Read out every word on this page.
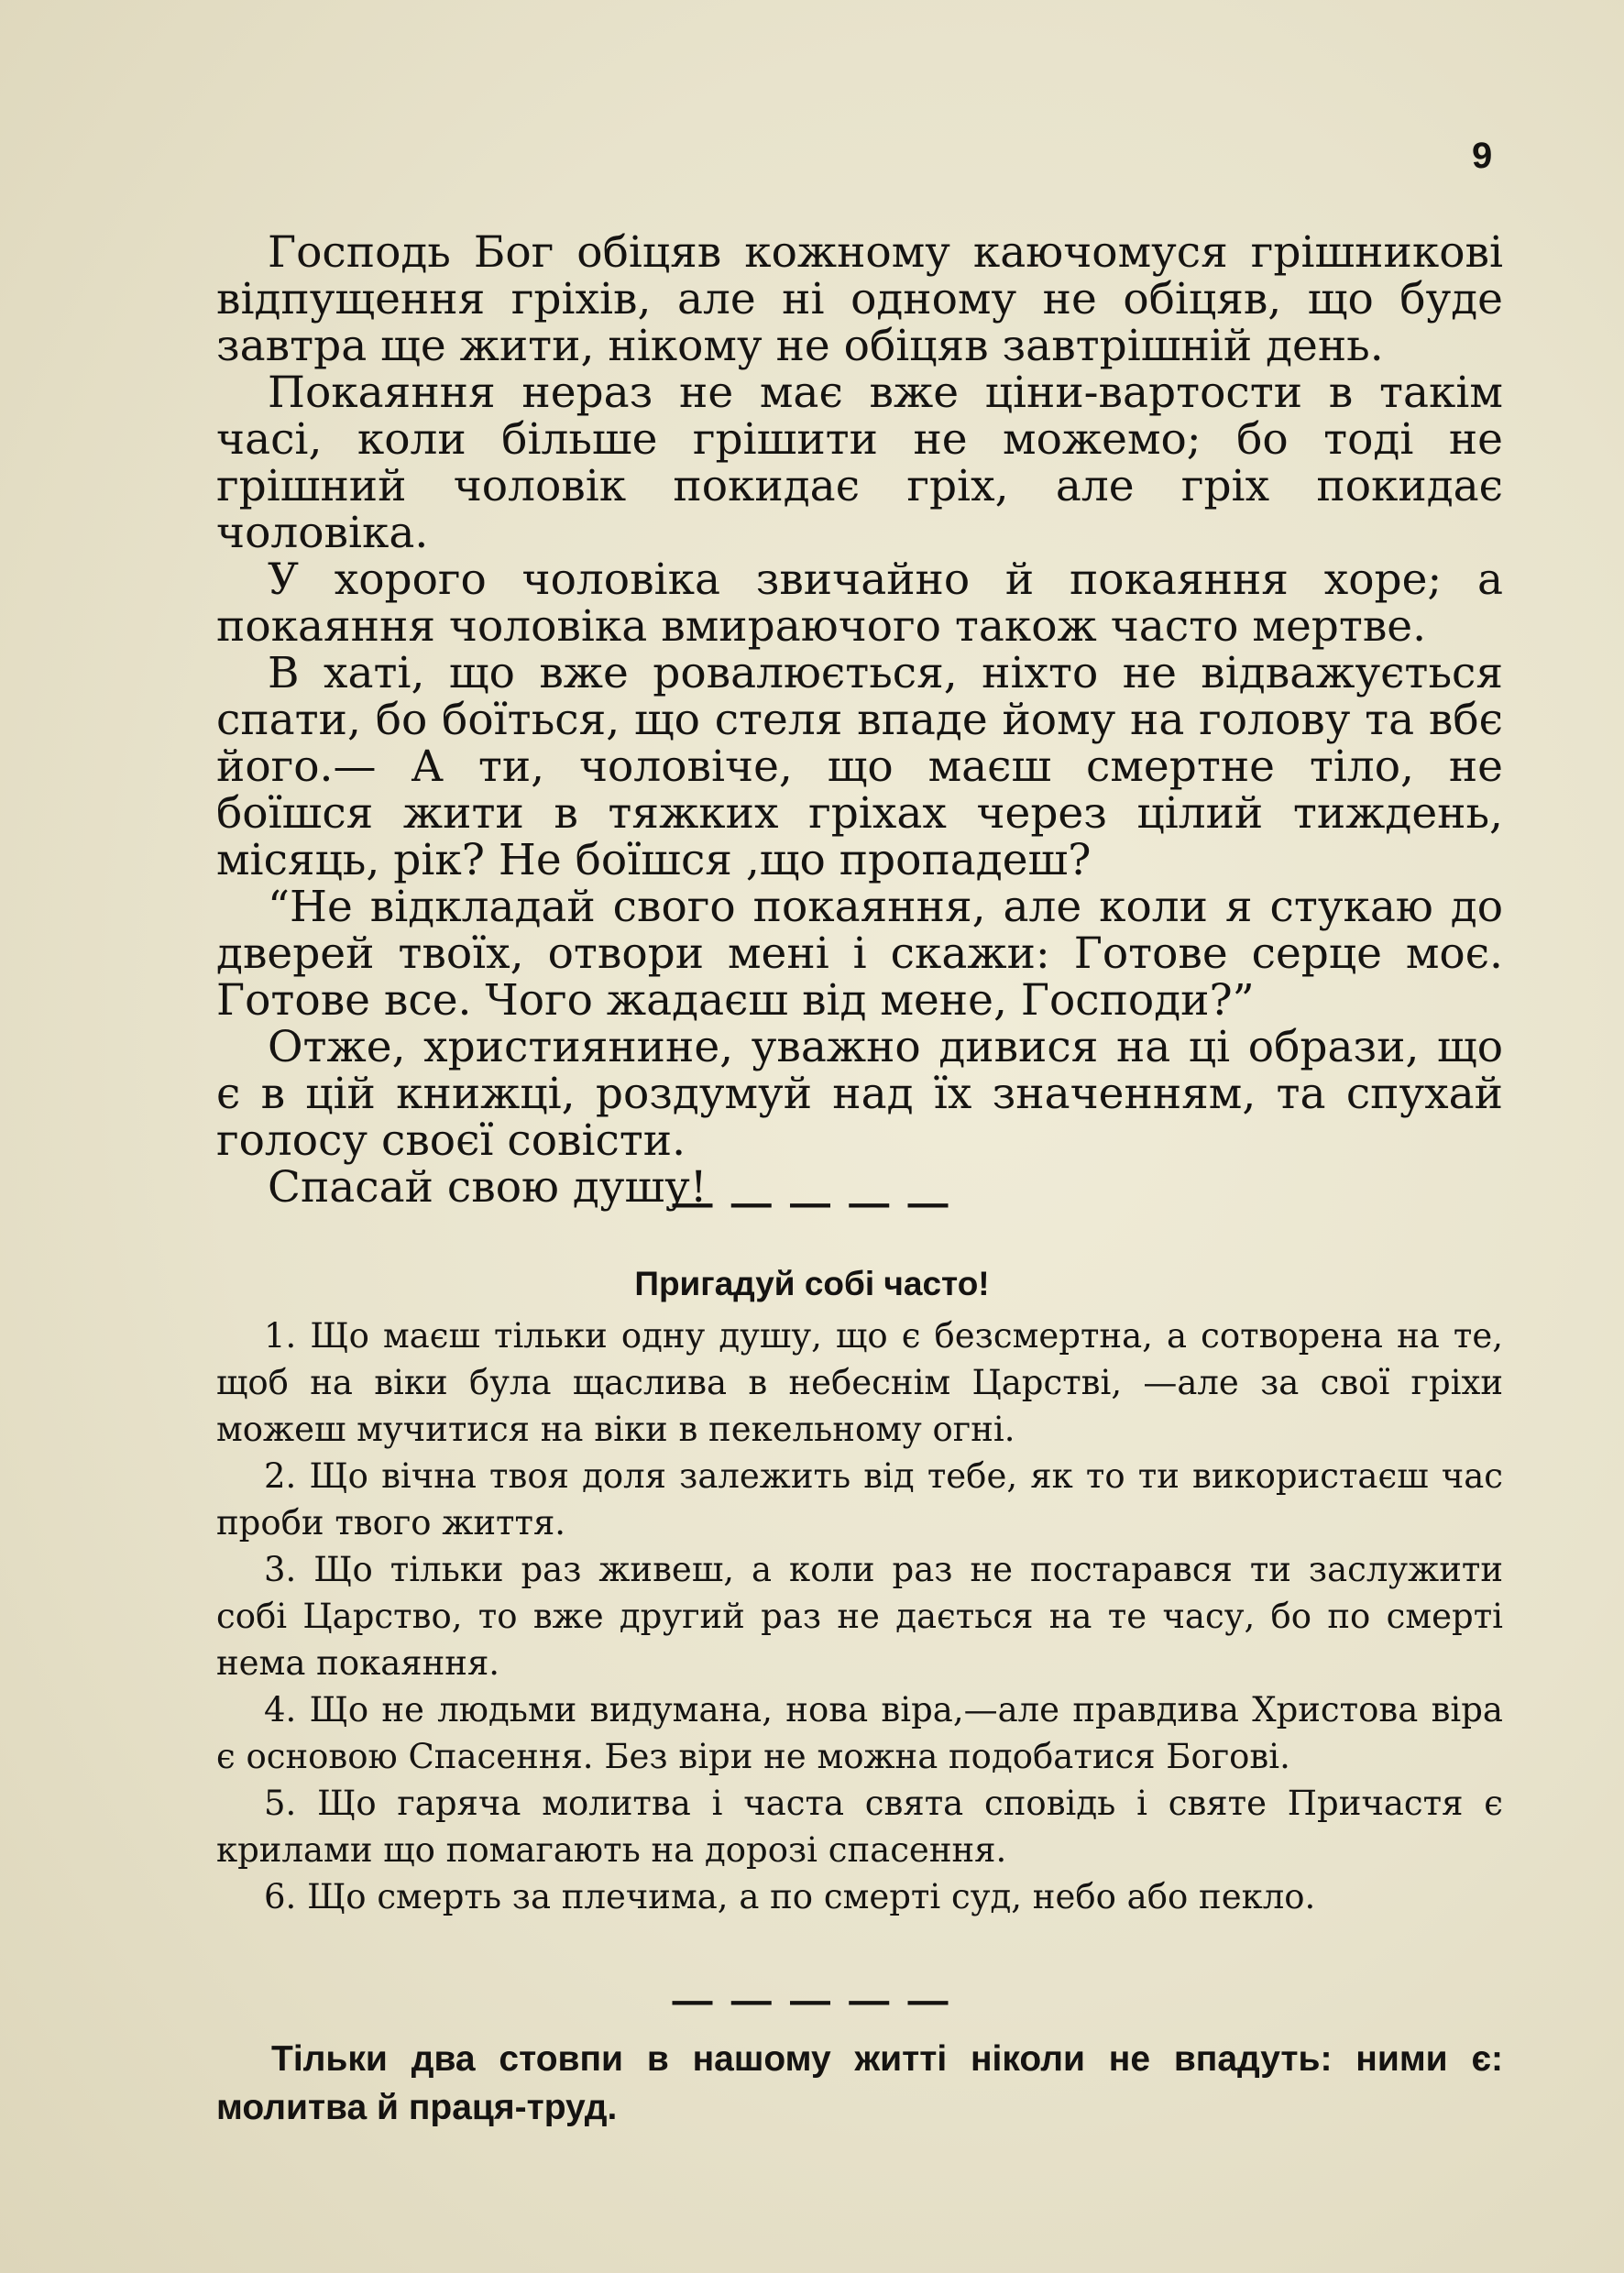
9

Господь Бог обіцяв кожному каючомуся грішникові відпущення гріхів, але ні одному не обіцяв, що буде завтра ще жити, нікому не обіцяв завтрішній день.

Покаяння нераз не має вже ціни-вартости в такім часі, коли більше грішити не можемо; бо тоді не грішний чоловік покидає гріх, але гріх покидає чоловіка.

У хорого чоловіка звичайно й покаяння хоре; а покаяння чоловіка вмираючого також часто мертве.

В хаті, що вже ровалюється, ніхто не відважується спати, бо боїться, що стеля впаде йому на голову та вбє його.— А ти, чоловіче, що маєш смертне тіло, не боїшся жити в тяжких гріхах через цілий тиждень, місяць, рік? Не боїшся ,що пропадеш?

“Не відкладай свого покаяння, але коли я стукаю до дверей твоїх, отвори мені і скажи: Готове серце моє. Готове все. Чого жадаєш від мене, Господи?”

Отже, християнине, уважно дивися на ці образи, що є в цій книжці, роздумуй над їх значенням, та спухай голосу своєї совісти.

Спасай свою душу!

— — — — —
Пригадуй собі часто!

1. Що маєш тільки одну душу, що є безсмертна, а сотворена на те, щоб на віки була щаслива в небеснім Царстві, —але за свої гріхи можеш мучитися на віки в пекельному огні.

2. Що вічна твоя доля залежить від тебе, як то ти використаєш час проби твого життя.

3. Що тільки раз живеш, а коли раз не постарався ти заслужити собі Царство, то вже другий раз не дається на те часу, бо по смерті нема покаяння.

4. Що не людьми видумана, нова віра,—але правдива Христова віра є основою Спасення. Без віри не можна подобатися Богові.

5. Що гаряча молитва і часта свята сповідь і святе Причастя є крилами що помагають на дорозі спасення.

6. Що смерть за плечима, а по смерті суд, небо або пекло.

— — — — —
Тільки два стовпи в нашому житті ніколи не впадуть: ними є: молитва й праця-труд.
